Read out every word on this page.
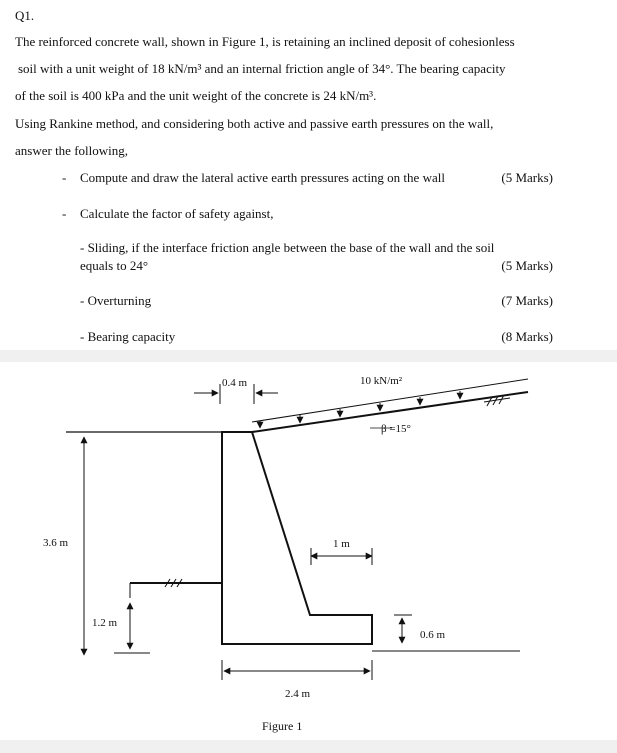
Q1.
The reinforced concrete wall, shown in Figure 1, is retaining an inclined deposit of cohesionless
soil with a unit weight of 18 kN/m³ and an internal friction angle of 34°. The bearing capacity
of the soil is 400 kPa and the unit weight of the concrete is 24 kN/m³.
Using Rankine method, and considering both active and passive earth pressures on the wall,
answer the following,
- Compute and draw the lateral active earth pressures acting on the wall	(5 Marks)
- Calculate the factor of safety against,
- Sliding, if the interface friction angle between the base of the wall and the soil
equals to 24°	(5 Marks)
- Overturning	(7 Marks)
- Bearing capacity	(8 Marks)
0.4 m	10 kN/m²
β =15°
3.6 m	1 m
1.2 m
0.6 m
2.4 m
Figure 1
